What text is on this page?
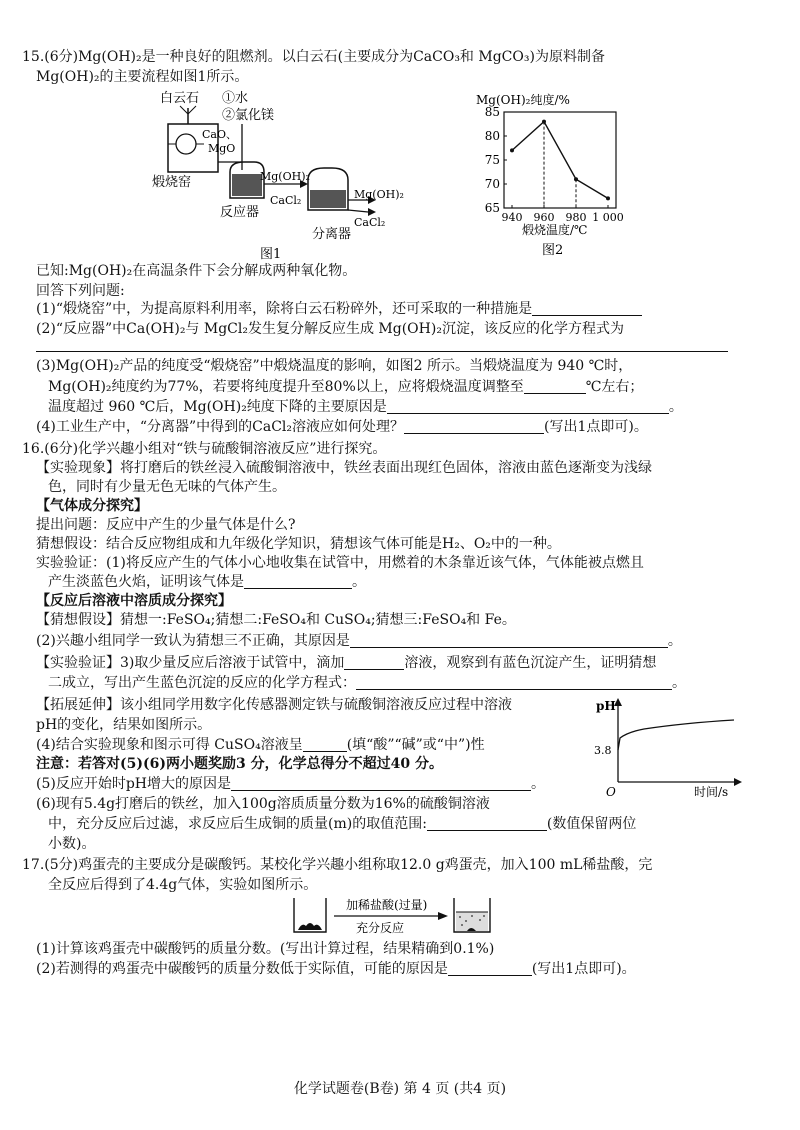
15.(6分)Mg(OH)₂是一种良好的阻燃剂。以白云石(主要成分为CaCO₃和 MgCO₃)为原料制备
Mg(OH)₂的主要流程如图1所示。
白云石 ①水
②氯化镁
CaO、
MgO
煅烧窑
反应器
Mg(OH)₂
CaCl₂	Mg(OH)₂
CaCl₂
分离器
图1
Mg(OH)₂纯度/%
65
70
75
80
85
940 960 980 1 000
煅烧温度/℃
图2
已知:Mg(OH)₂在高温条件下会分解成两种氧化物。
回答下列问题:
(1)“煅烧窑”中，为提高原料利用率，除将白云石粉碎外，还可采取的一种措施是
(2)“反应器”中Ca(OH)₂与 MgCl₂发生复分解反应生成 Mg(OH)₂沉淀，该反应的化学方程式为
(3)Mg(OH)₂产品的纯度受“煅烧窑”中煅烧温度的影响，如图2 所示。当煅烧温度为 940 ℃时，
Mg(OH)₂纯度约为77%，若要将纯度提升至80%以上，应将煅烧温度调整至	℃左右；
温度超过 960 ℃后，Mg(OH)₂纯度下降的主要原因是	。
(4)工业生产中，“分离器”中得到的CaCl₂溶液应如何处理？	(写出1点即可)。
16.(6分)化学兴趣小组对“铁与硫酸铜溶液反应”进行探究。
【实验现象】将打磨后的铁丝浸入硫酸铜溶液中，铁丝表面出现红色固体，溶液由蓝色逐渐变为浅绿
色，同时有少量无色无味的气体产生。
【气体成分探究】
提出问题：反应中产生的少量气体是什么?
猜想假设：结合反应物组成和九年级化学知识，猜想该气体可能是H₂、O₂中的一种。
实验验证：(1)将反应产生的气体小心地收集在试管中，用燃着的木条靠近该气体，气体能被点燃且
产生淡蓝色火焰，证明该气体是	。
【反应后溶液中溶质成分探究】
【猜想假设】猜想一:FeSO₄;猜想二:FeSO₄和 CuSO₄;猜想三:FeSO₄和 Fe。
(2)兴趣小组同学一致认为猜想三不正确，其原因是	。
【实验验证】3)取少量反应后溶液于试管中，滴加	溶液，观察到有蓝色沉淀产生，证明猜想
二成立，写出产生蓝色沉淀的反应的化学方程式：	。
【拓展延伸】该小组同学用数字化传感器测定铁与硫酸铜溶液反应过程中溶液
pH的变化，结果如图所示。
(4)结合实验现象和图示可得 CuSO₄溶液呈	(填“酸”“碱”或“中”)性
注意：若答对(5)(6)两小题奖励3 分，化学总得分不超过40 分。
(5)反应开始时pH增大的原因是	。
(6)现有5.4g打磨后的铁丝，加入100g溶质质量分数为16%的硫酸铜溶液
中，充分反应后过滤，求反应后生成铜的质量(m)的取值范围:	(数值保留两位
小数)。
pH
3.8
O	时间/s
17.(5分)鸡蛋壳的主要成分是碳酸钙。某校化学兴趣小组称取12.0 g鸡蛋壳，加入100 mL稀盐酸，完
全反应后得到了4.4g气体，实验如图所示。
加稀盐酸(过量)
充分反应
(1)计算该鸡蛋壳中碳酸钙的质量分数。(写出计算过程，结果精确到0.1%)
(2)若测得的鸡蛋壳中碳酸钙的质量分数低于实际值，可能的原因是	(写出1点即可)。
化学试题卷(B卷) 第 4 页 (共4 页)
